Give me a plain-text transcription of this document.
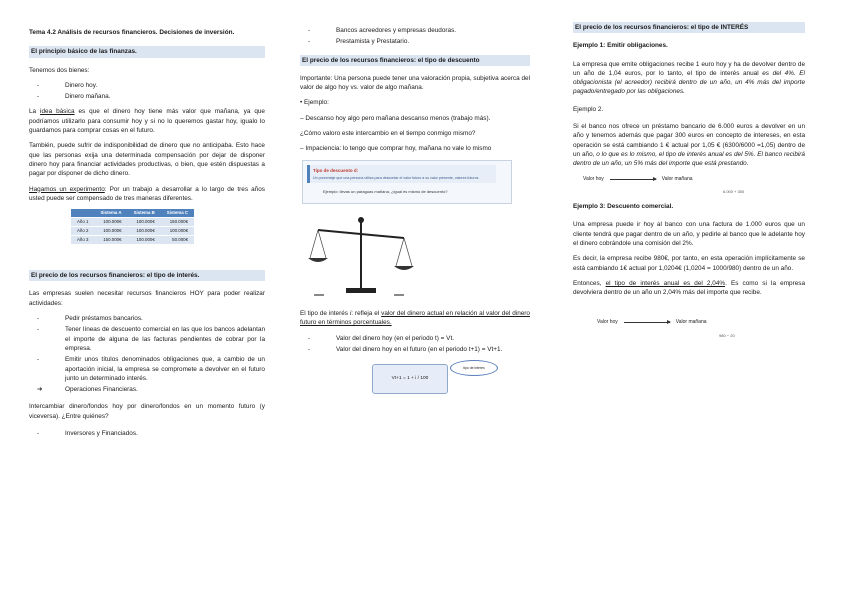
Tema 4.2 Análisis de recursos financieros. Decisiones de inversión.
El principio básico de las finanzas.
Tenemos dos bienes:
-	Dinero hoy.
-	Dinero mañana.
La idea básica es que el dinero hoy tiene más valor que mañana, ya que podríamos utilizarlo para consumir hoy y si no lo queremos gastar hoy, igualo lo guardamos para comprar cosas en el futuro.
También, puede sufrir de indisponibilidad de dinero que no anticipaba. Esto hace que las personas exija una determinada compensación por dejar de disponer dinero hoy para financiar actividades productivas, o bien, que estén dispuestas a pagar por disponer de dicho dinero.
Hagamos un experimento: Por un trabajo a desarrollar a lo largo de tres años usted puede ser compensado de tres maneras diferentes.
	Sistema A	Sistema B	Sistema C
Año 1	100.000€	100.000€	150.000€
Año 2	100.000€	100.000€	100.000€
Año 3	150.000€	100.000€	50.000€
El precio de los recursos financieros: el tipo de interés.
Las empresas suelen necesitar recursos financieros HOY para poder realizar actividades:
-	Pedir préstamos bancarios.
-	Tener líneas de descuento comercial en las que los bancos adelantan el importe de alguna de las facturas pendientes de cobrar por la empresa.
-	Emitir unos títulos denominados obligaciones que, a cambio de un aportación inicial, la empresa se compromete a devolver en el futuro junto un determinado interés.
➔	Operaciones Financieras.
Intercambiar dinero/fondos hoy por dinero/fondos en un momento futuro (y viceversa). ¿Entre quiénes?
-	Inversores y Financiados.
-	Bancos acreedores y empresas deudoras.
-	Prestamista y Prestatario.
El precio de los recursos financieros: el tipo de descuento
Importante: Una persona puede tener una valoración propia, subjetiva acerca del valor de algo hoy vs. valor de algo mañana.
• Ejemplo:
– Descanso hoy algo pero mañana descanso menos (trabajo más).
¿Cómo valoro este intercambio en el tiempo conmigo mismo?
– Impaciencia: lo tengo que comprar hoy, mañana no vale lo mismo
Tipo de descuento d:
Un porcentaje que una persona utiliza para descontar el valor futuro a su valor presente, valores futuros
Ejemplo: llevas un paraguas mañana, ¿igual es mismo de descuento?
El tipo de interés i: refleja el valor del dinero actual en relación al valor del dinero futuro en términos porcentuales.
-	Valor del dinero hoy (en el periodo t) = Vt.
-	Valor del dinero hoy en el futuro (en el periodo t+1) = Vt+1.
Vt+1 = 1 + i / 100
tipo de interés
El precio de los recursos financieros: el tipo de INTERÉS
Ejemplo 1: Emitir obligaciones.
La empresa que emite obligaciones recibe 1 euro hoy y ha de devolver dentro de un año de 1,04 euros, por lo tanto, el tipo de interés anual es del 4%. El obligacionista (el acreedor) recibirá dentro de un año, un 4% más del importe pagado/entregado por las obligaciones.
Ejemplo 2.
Si el banco nos ofrece un préstamo bancario de 6.000 euros a devolver en un año y tenemos además que pagar 300 euros en concepto de intereses, en esta operación se está cambiando 1 € actual por 1,05 € (6300/6000 =1,05) dentro de un año, o lo que es lo mismo, el tipo de interés anual es del 5%. El banco recibirá dentro de un año, un 5% más del importe que está prestando.
Valor hoy	Valor mañana
6.000 + 300
Ejemplo 3: Descuento comercial.
Una empresa puede ir hoy al banco con una factura de 1.000 euros que un cliente tendrá que pagar dentro de un año, y pedirle al banco que le adelante hoy el dinero cobrándole una comisión del 2%.
Es decir, la empresa recibe 980€, por tanto, en esta operación implícitamente se está cambiando 1€ actual por 1,0204€ (1,0204 = 1000/980) dentro de un año.
Entonces, el tipo de interés anual es del 2,04%. Es como si la empresa devolviera dentro de un año un 2,04% más del importe que recibe.
Valor hoy	Valor mañana
980 − 20
